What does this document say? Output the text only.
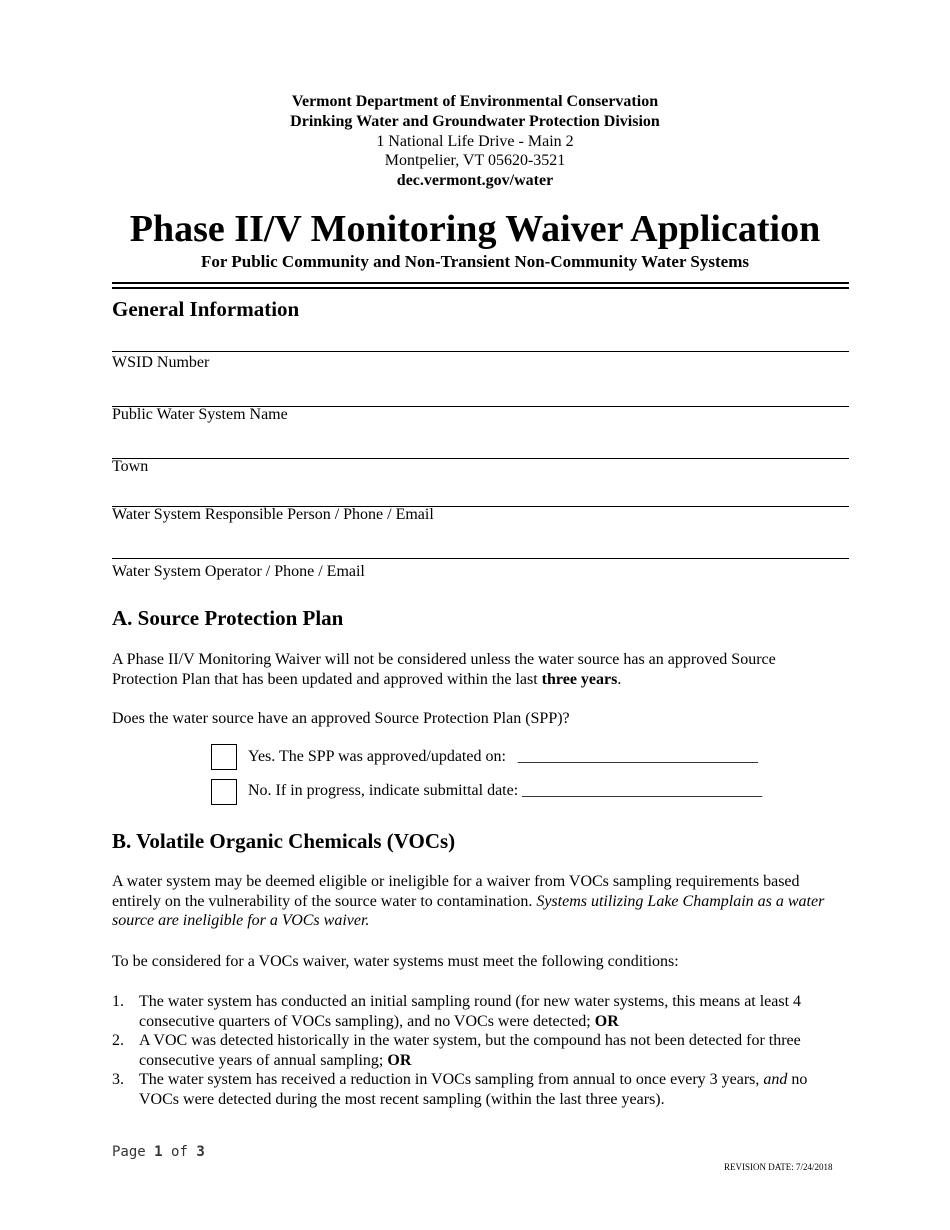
Vermont Department of Environmental Conservation
Drinking Water and Groundwater Protection Division
1 National Life Drive - Main 2
Montpelier, VT 05620-3521
dec.vermont.gov/water
Phase II/V Monitoring Waiver Application
For Public Community and Non-Transient Non-Community Water Systems
General Information
WSID Number
Public Water System Name
Town
Water System Responsible Person / Phone / Email
Water System Operator / Phone / Email
A. Source Protection Plan
A Phase II/V Monitoring Waiver will not be considered unless the water source has an approved Source Protection Plan that has been updated and approved within the last three years.
Does the water source have an approved Source Protection Plan (SPP)?
Yes. The SPP was approved/updated on:   ______________________________
No. If in progress, indicate submittal date: ______________________________
B. Volatile Organic Chemicals (VOCs)
A water system may be deemed eligible or ineligible for a waiver from VOCs sampling requirements based entirely on the vulnerability of the source water to contamination. Systems utilizing Lake Champlain as a water source are ineligible for a VOCs waiver.
To be considered for a VOCs waiver, water systems must meet the following conditions:
1. The water system has conducted an initial sampling round (for new water systems, this means at least 4 consecutive quarters of VOCs sampling), and no VOCs were detected; OR
2. A VOC was detected historically in the water system, but the compound has not been detected for three consecutive years of annual sampling; OR
3. The water system has received a reduction in VOCs sampling from annual to once every 3 years, and no VOCs were detected during the most recent sampling (within the last three years).
Page 1 of 3
REVISION DATE: 7/24/2018
